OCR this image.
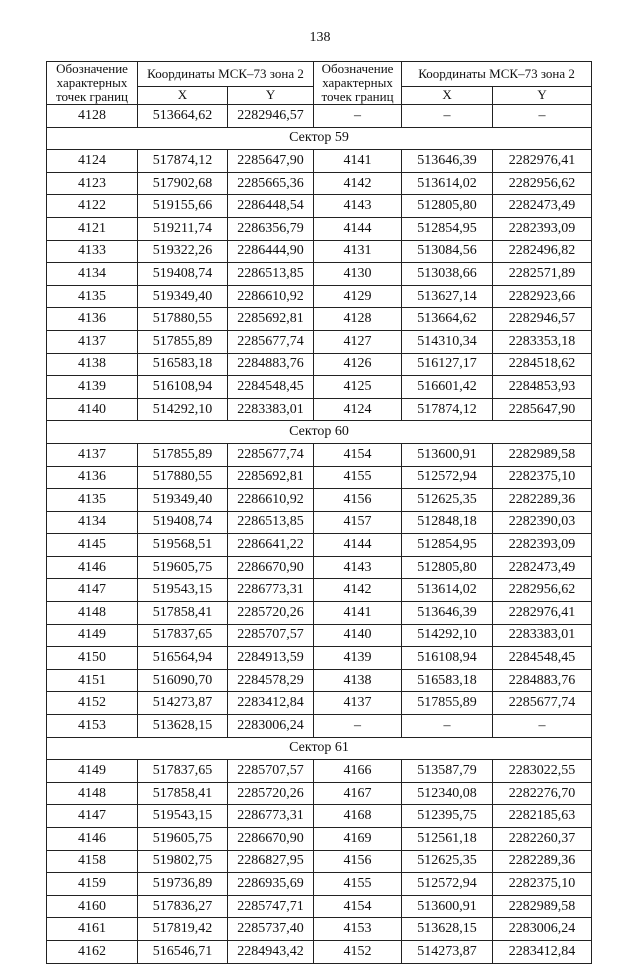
138
Обозначение характерных точек границ	Координаты МСК–73 зона 2		Обозначение характерных точек границ	Координаты МСК–73 зона 2	
	X	Y		X	Y
4128	513664,62	2282946,57	–	–	–
Сектор 59					
4124	517874,12	2285647,90	4141	513646,39	2282976,41
4123	517902,68	2285665,36	4142	513614,02	2282956,62
4122	519155,66	2286448,54	4143	512805,80	2282473,49
4121	519211,74	2286356,79	4144	512854,95	2282393,09
4133	519322,26	2286444,90	4131	513084,56	2282496,82
4134	519408,74	2286513,85	4130	513038,66	2282571,89
4135	519349,40	2286610,92	4129	513627,14	2282923,66
4136	517880,55	2285692,81	4128	513664,62	2282946,57
4137	517855,89	2285677,74	4127	514310,34	2283353,18
4138	516583,18	2284883,76	4126	516127,17	2284518,62
4139	516108,94	2284548,45	4125	516601,42	2284853,93
4140	514292,10	2283383,01	4124	517874,12	2285647,90
Сектор 60					
4137	517855,89	2285677,74	4154	513600,91	2282989,58
4136	517880,55	2285692,81	4155	512572,94	2282375,10
4135	519349,40	2286610,92	4156	512625,35	2282289,36
4134	519408,74	2286513,85	4157	512848,18	2282390,03
4145	519568,51	2286641,22	4144	512854,95	2282393,09
4146	519605,75	2286670,90	4143	512805,80	2282473,49
4147	519543,15	2286773,31	4142	513614,02	2282956,62
4148	517858,41	2285720,26	4141	513646,39	2282976,41
4149	517837,65	2285707,57	4140	514292,10	2283383,01
4150	516564,94	2284913,59	4139	516108,94	2284548,45
4151	516090,70	2284578,29	4138	516583,18	2284883,76
4152	514273,87	2283412,84	4137	517855,89	2285677,74
4153	513628,15	2283006,24	–	–	–
Сектор 61					
4149	517837,65	2285707,57	4166	513587,79	2283022,55
4148	517858,41	2285720,26	4167	512340,08	2282276,70
4147	519543,15	2286773,31	4168	512395,75	2282185,63
4146	519605,75	2286670,90	4169	512561,18	2282260,37
4158	519802,75	2286827,95	4156	512625,35	2282289,36
4159	519736,89	2286935,69	4155	512572,94	2282375,10
4160	517836,27	2285747,71	4154	513600,91	2282989,58
4161	517819,42	2285737,40	4153	513628,15	2283006,24
4162	516546,71	2284943,42	4152	514273,87	2283412,84
